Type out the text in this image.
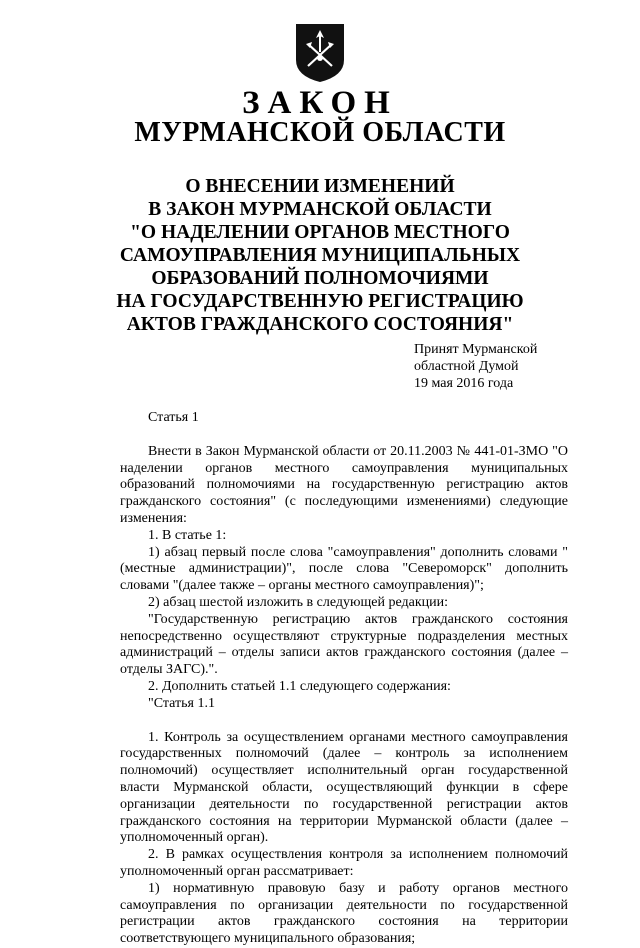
ЗАКОН
МУРМАНСКОЙ ОБЛАСТИ
О ВНЕСЕНИИ ИЗМЕНЕНИЙ
В ЗАКОН МУРМАНСКОЙ ОБЛАСТИ
"О НАДЕЛЕНИИ ОРГАНОВ МЕСТНОГО
САМОУПРАВЛЕНИЯ МУНИЦИПАЛЬНЫХ
ОБРАЗОВАНИЙ ПОЛНОМОЧИЯМИ
НА ГОСУДАРСТВЕННУЮ РЕГИСТРАЦИЮ
АКТОВ ГРАЖДАНСКОГО СОСТОЯНИЯ"
Принят Мурманской
областной Думой
19 мая 2016 года

Статья 1

Внести в Закон Мурманской области от 20.11.2003 № 441-01-ЗМО "О наделении органов местного самоуправления муниципальных образований полномочиями на государственную регистрацию актов гражданского состояния" (с последующими изменениями) следующие изменения:

1. В статье 1:

1) абзац первый после слова "самоуправления" дополнить словами "(местные администрации)", после слова "Североморск" дополнить словами "(далее также – органы местного самоуправления)";

2) абзац шестой изложить в следующей редакции:

"Государственную регистрацию актов гражданского состояния непосредственно осуществляют структурные подразделения местных администраций – отделы записи актов гражданского состояния (далее – отделы ЗАГС).".

2. Дополнить статьей 1.1 следующего содержания:

"Статья 1.1

1. Контроль за осуществлением органами местного самоуправления государственных полномочий (далее – контроль за исполнением полномочий) осуществляет исполнительный орган государственной власти Мурманской области, осуществляющий функции в сфере организации деятельности по государственной регистрации актов гражданского состояния на территории Мурманской области (далее – уполномоченный орган).

2. В рамках осуществления контроля за исполнением полномочий уполномоченный орган рассматривает:

1) нормативную правовую базу и работу органов местного самоуправления по организации деятельности по государственной регистрации актов гражданского состояния на территории соответствующего муниципального образования;
